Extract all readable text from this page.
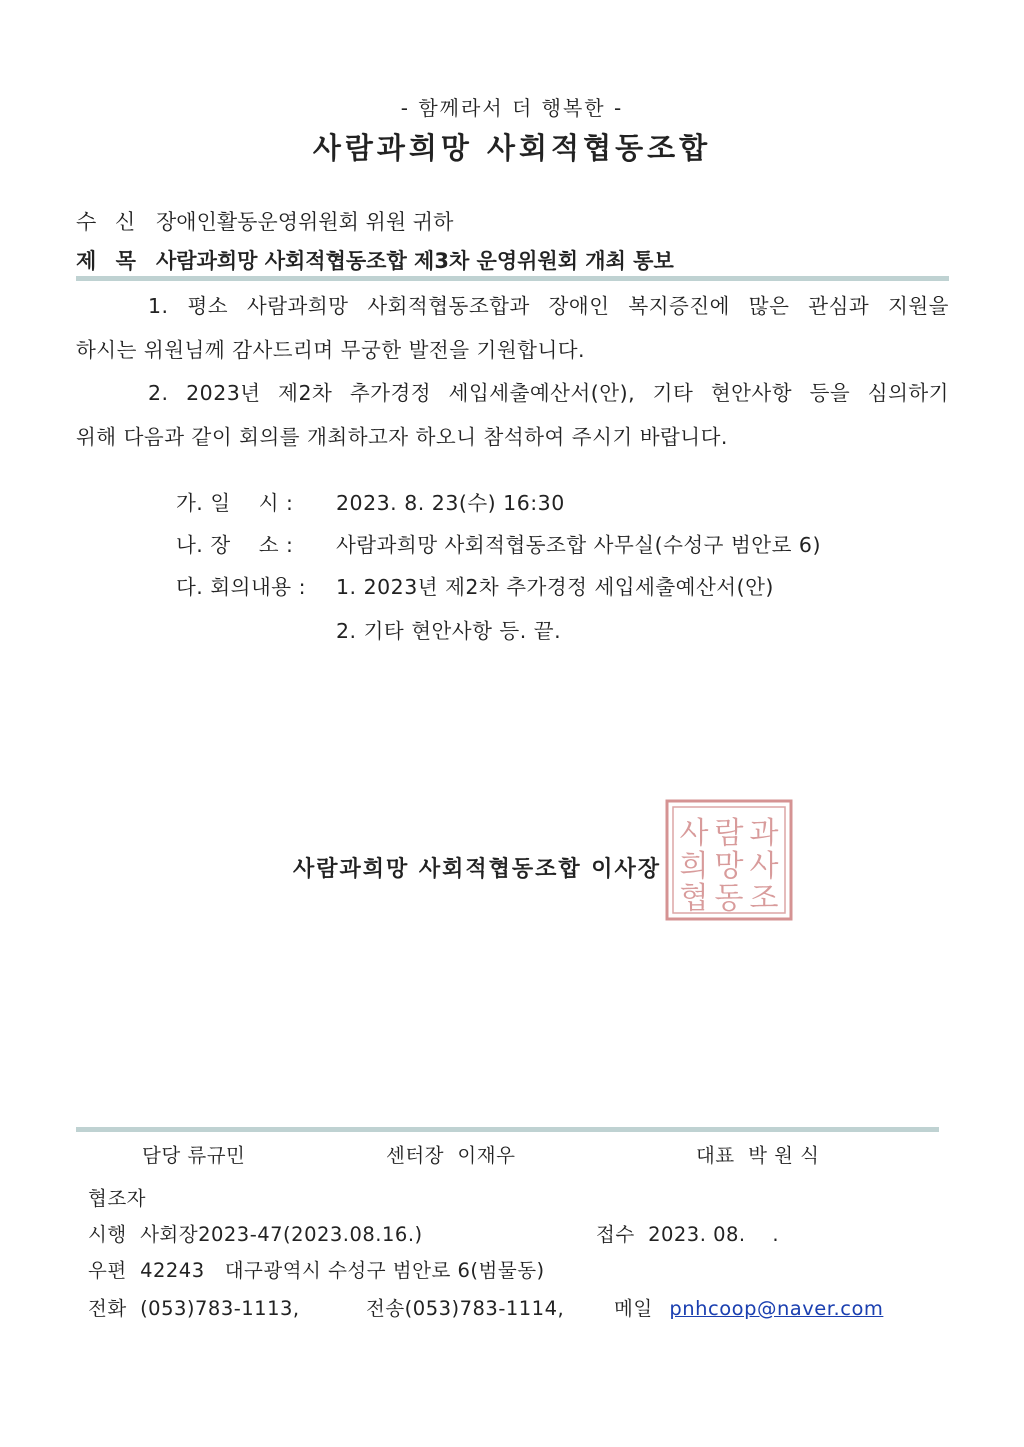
- 함께라서 더 행복한 -
사람과희망 사회적협동조합
수 신 장애인활동운영위원회 위원 귀하
제 목 사람과희망 사회적협동조합 제3차 운영위원회 개최 통보
1. 평소 사람과희망 사회적협동조합과 장애인 복지증진에 많은 관심과 지원을
하시는 위원님께 감사드리며 무궁한 발전을 기원합니다.
2. 2023년 제2차 추가경정 세입세출예산서(안), 기타 현안사항 등을 심의하기
위해 다음과 같이 회의를 개최하고자 하오니 참석하여 주시기 바랍니다.
가. 일    시 : 2023. 8. 23(수) 16:30
나. 장    소 : 사람과희망 사회적협동조합 사무실(수성구 범안로 6)
다. 회의내용 : 1. 2023년 제2차 추가경정 세입세출예산서(안)
2. 기타 현안사항 등. 끝.
사람과희망 사회적협동조합 이사장
사 람 과
희 망 사
협 동 조
담당 류규민	센터장  이재우	대표  박 원 식
협조자
시행  사회장2023-47(2023.08.16.)	접수  2023. 08.    .
우편  42243   대구광역시 수성구 범안로 6(범물동)
전화  (053)783-1113,	전송(053)783-1114,	메일 pnhcoop@naver.com
